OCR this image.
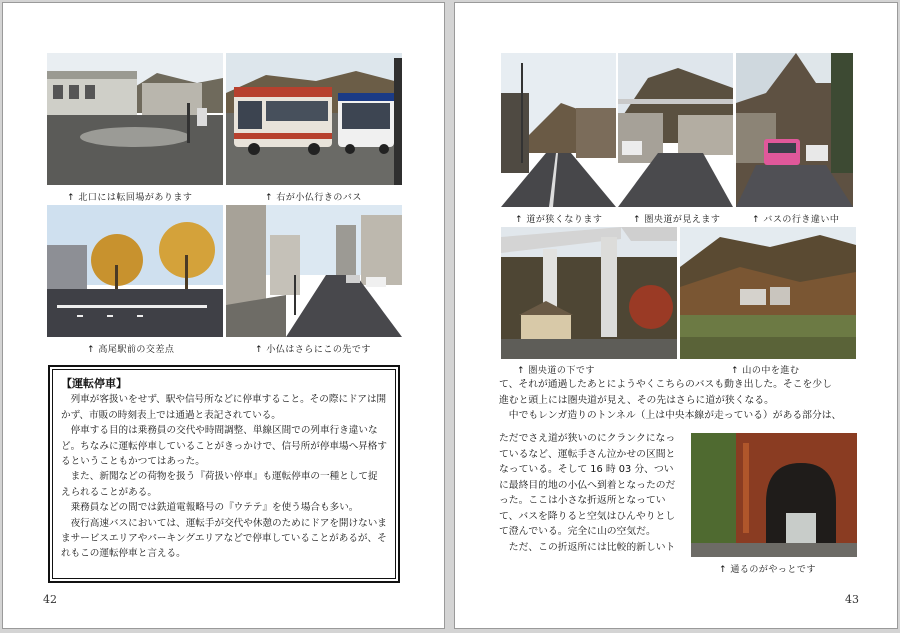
↑ 北口には転回場があります	↑ 右が小仏行きのバス
↑ 高尾駅前の交差点	↑ 小仏はさらにこの先です
【運転停車】

列車が客扱いをせず、駅や信号所などに停車すること。その際にドアは開かず、市販の時刻表上では通過と表記されている。

停車する目的は乗務員の交代や時間調整、単線区間での列車行き違いなど。ちなみに運転停車していることがきっかけで、信号所が停車場へ昇格するということもかつてはあった。

また、新聞などの荷物を扱う『荷扱い停車』も運転停車の一種として捉えられることがある。

乗務員などの間では鉄道電報略号の『ウテテ』を使う場合も多い。

夜行高速バスにおいては、運転手が交代や休憩のためにドアを開けないままサービスエリアやパーキングエリアなどで停車していることがあるが、それもこの運転停車と言える。

42
↑ 道が狭くなります	↑ 圏央道が見えます	↑ バスの行き違い中
↑ 圏央道の下です	↑ 山の中を進む

て、それが通過したあとにようやくこちらのバスも動き出した。そこを少し

進むと頭上には圏央道が見え、その先はさらに道が狭くなる。

中でもレンガ造りのトンネル（上は中央本線が走っている）がある部分は、

ただでさえ道が狭いのにクランクになっ

ているなど、運転手さん泣かせの区間と

なっている。そして 16 時 03 分、つい

に最終目的地の小仏へ到着となったのだ

った。ここは小さな折返所となってい

て、バスを降りると空気はひんやりとし

て澄んでいる。完全に山の空気だ。

　ただ、この折返所には比較的新しいト

↑ 通るのがやっとです
43
